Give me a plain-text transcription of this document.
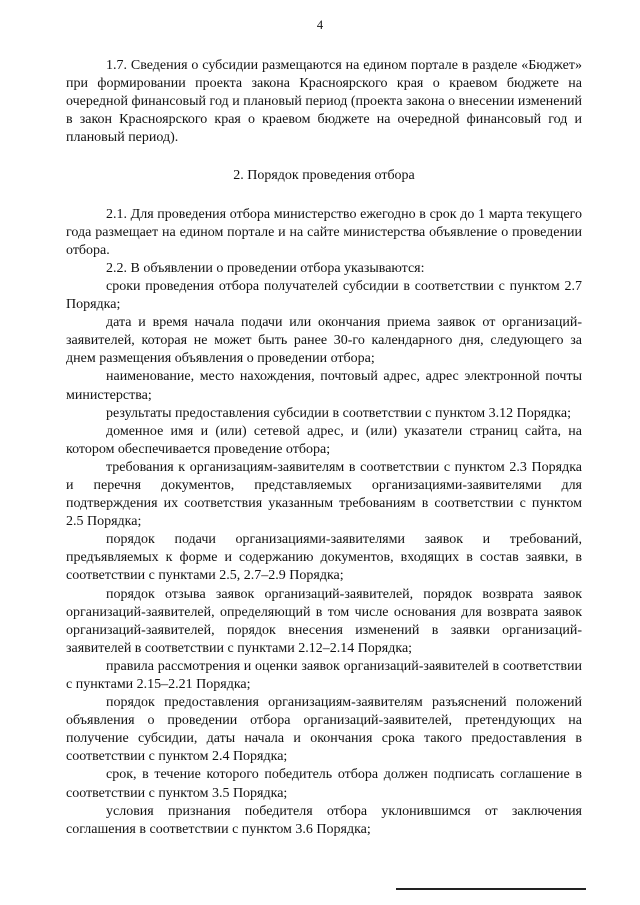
4

1.7. Сведения о субсидии размещаются на едином портале в разделе «Бюджет» при формировании проекта закона Красноярского края о краевом бюджете на очередной финансовый год и плановый период (проекта закона о внесении изменений в закон Красноярского края о краевом бюджете на очередной финансовый год и плановый период).

2. Порядок проведения отбора

2.1. Для проведения отбора министерство ежегодно в срок до 1 марта текущего года размещает на едином портале и на сайте министерства объявление о проведении отбора.

2.2. В объявлении о проведении отбора указываются:

сроки проведения отбора получателей субсидии в соответствии с пунктом 2.7 Порядка;

дата и время начала подачи или окончания приема заявок от организаций-заявителей, которая не может быть ранее 30-го календарного дня, следующего за днем размещения объявления о проведении отбора;

наименование, место нахождения, почтовый адрес, адрес электронной почты министерства;

результаты предоставления субсидии в соответствии с пунктом 3.12 Порядка;

доменное имя и (или) сетевой адрес, и (или) указатели страниц сайта, на котором обеспечивается проведение отбора;

требования к организациям-заявителям в соответствии с пунктом 2.3 Порядка и перечня документов, представляемых организациями-заявителями для подтверждения их соответствия указанным требованиям в соответствии с пунктом 2.5 Порядка;

порядок подачи организациями-заявителями заявок и требований, предъявляемых к форме и содержанию документов, входящих в состав заявки, в соответствии с пунктами 2.5, 2.7–2.9 Порядка;

порядок отзыва заявок организаций-заявителей, порядок возврата заявок организаций-заявителей, определяющий в том числе основания для возврата заявок организаций-заявителей, порядок внесения изменений в заявки организаций-заявителей в соответствии с пунктами 2.12–2.14 Порядка;

правила рассмотрения и оценки заявок организаций-заявителей в соответствии с пунктами 2.15–2.21 Порядка;

порядок предоставления организациям-заявителям разъяснений положений объявления о проведении отбора организаций-заявителей, претендующих на получение субсидии, даты начала и окончания срока такого предоставления в соответствии с пунктом 2.4 Порядка;

срок, в течение которого победитель отбора должен подписать соглашение в соответствии с пунктом 3.5 Порядка;

условия признания победителя отбора уклонившимся от заключения соглашения в соответствии с пунктом 3.6 Порядка;
